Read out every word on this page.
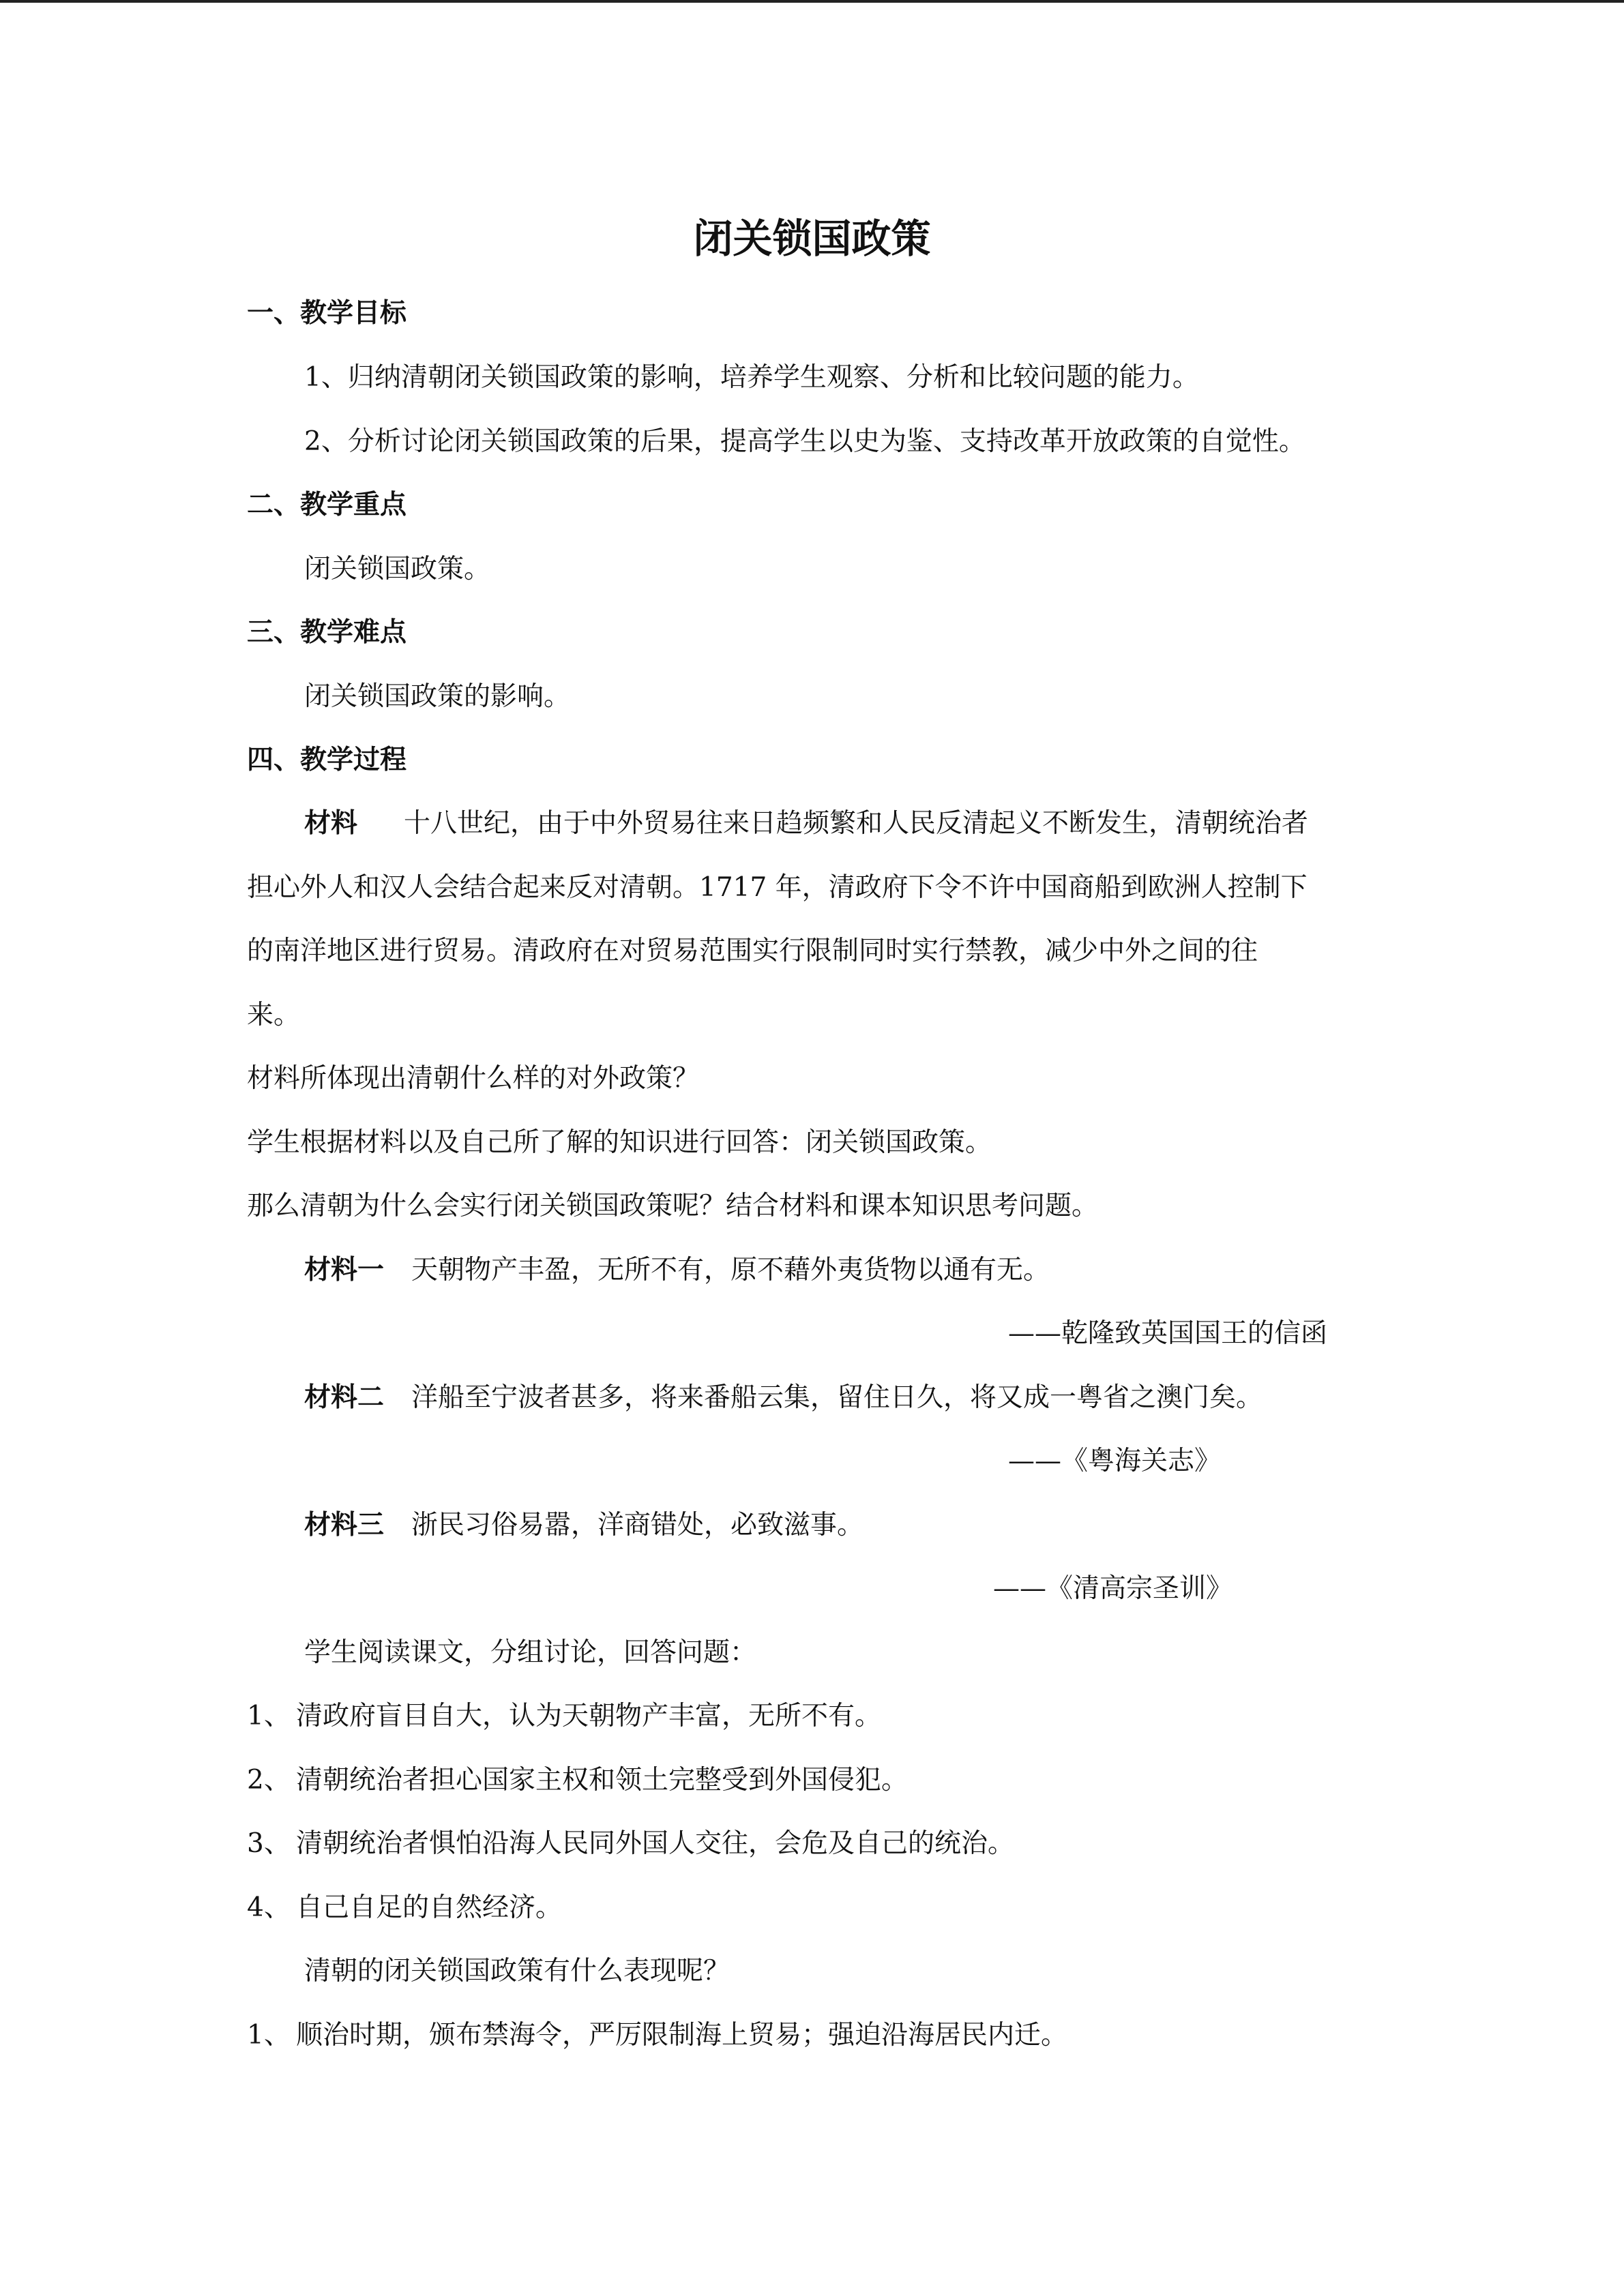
闭关锁国政策
一、教学目标
1、归纳清朝闭关锁国政策的影响，培养学生观察、分析和比较问题的能力。
2、分析讨论闭关锁国政策的后果，提高学生以史为鉴、支持改革开放政策的自觉性。
二、教学重点
闭关锁国政策。
三、教学难点
闭关锁国政策的影响。
四、教学过程
材料 十八世纪，由于中外贸易往来日趋频繁和人民反清起义不断发生，清朝统治者
担心外人和汉人会结合起来反对清朝。1717 年，清政府下令不许中国商船到欧洲人控制下
的南洋地区进行贸易。清政府在对贸易范围实行限制同时实行禁教，减少中外之间的往
来。
材料所体现出清朝什么样的对外政策？
学生根据材料以及自己所了解的知识进行回答：闭关锁国政策。
那么清朝为什么会实行闭关锁国政策呢？结合材料和课本知识思考问题。
材料一 天朝物产丰盈，无所不有，原不藉外夷货物以通有无。
——乾隆致英国国王的信函
材料二 洋船至宁波者甚多，将来番船云集，留住日久，将又成一粤省之澳门矣。
——《粤海关志》
材料三 浙民习俗易嚣，洋商错处，必致滋事。
——《清高宗圣训》
学生阅读课文，分组讨论，回答问题：
1、 清政府盲目自大，认为天朝物产丰富，无所不有。
2、 清朝统治者担心国家主权和领土完整受到外国侵犯。
3、 清朝统治者惧怕沿海人民同外国人交往，会危及自己的统治。
4、 自己自足的自然经济。
清朝的闭关锁国政策有什么表现呢？
1、 顺治时期，颁布禁海令，严厉限制海上贸易；强迫沿海居民内迁。
